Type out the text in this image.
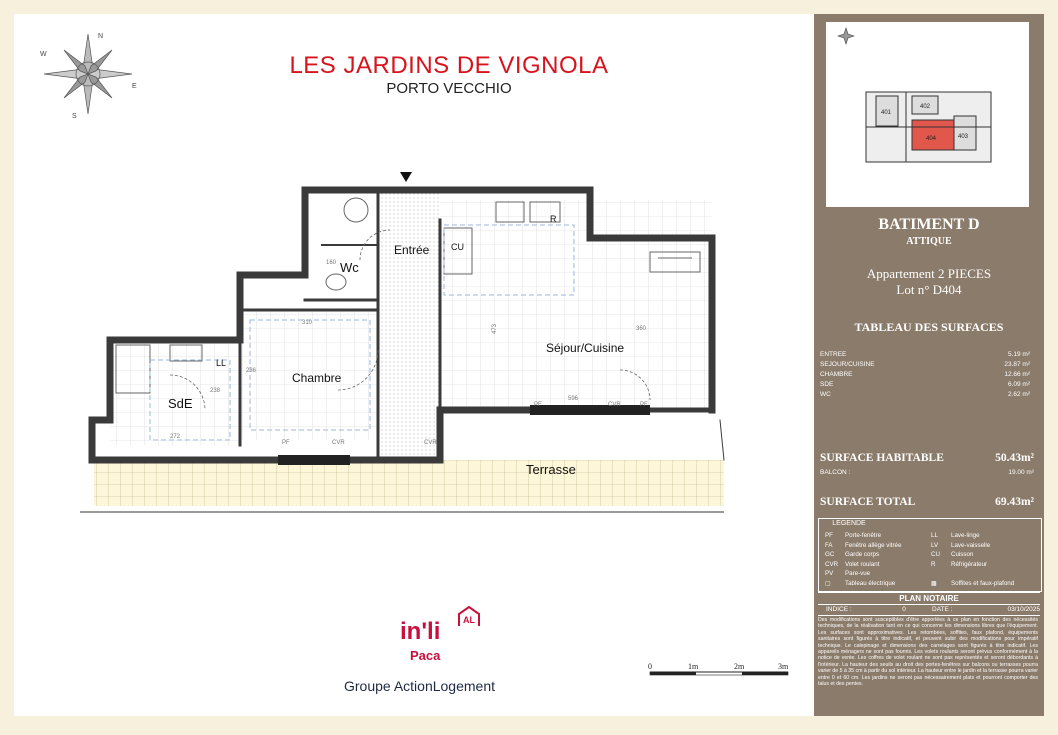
LES JARDINS DE VIGNOLA
PORTO VECCHIO
N
E
S
W
Entrée
Wc
Séjour/Cuisine
Chambre
SdE
Terrasse
CU
R
LL
473	360
310
596
272
160
236
238
PF	PF
CVR
PF	CVR	CVR
in'li	AL
Paca
Groupe ActionLogement
0	1m	2m	3m
401
402
403
404
BATIMENT D
ATTIQUE
Appartement 2 PIECES
Lot n° D404
TABLEAU DES SURFACES
ENTREE	5.19 m²
SEJOUR/CUISINE	23.87 m²
CHAMBRE	12.66 m²
SDE	6.09 m²
WC	2.62 m²
SURFACE HABITABLE	50.43m²
BALCON :	19.00 m²
SURFACE TOTAL	69.43m²
LEGENDE
PF	Porte-fenêtre	LL	Lave-linge
FA	Fenêtre allège vitrée	LV	Lave-vaisselle
GC	Garde corps	CU	Cuisson
CVR	Volet roulant	R	Réfrigérateur
PV	Pare-vue
▢	Tableau électrique	▩	Soffites et faux-plafond
PLAN NOTAIRE
INDICE :	0	DATE :	03/10/2025
Des modifications sont susceptibles d'être apportées à ce plan en fonction des nécessités techniques, de la réalisation tant en ce qui concerne les dimensions libres que l'équipement. Les surfaces sont approximatives. Les retombées, soffites, faux plafond, équipements sanitaires sont figurés à titre indicatif, et peuvent subir des modifications pour impératif technique. Le calepinage et dimensions des carrelages sont figurés à titre indicatif. Les appareils ménagers ne sont pas fournis. Les volets roulants seront prévus conformément à la notice de vente. Les coffres de volet roulant ne sont pas représentés et seront débordants à l'intérieur. La hauteur des seuils au droit des portes-fenêtres sur balcons ou terrasses pourra varier de 5 à 35 cm à partir du sol intérieur. La hauteur entre le jardin et la terrasse pourra varier entre 0 et 60 cm. Les jardins ne seront pas nécessairement plats et pourront comporter des talus et des pentes.
